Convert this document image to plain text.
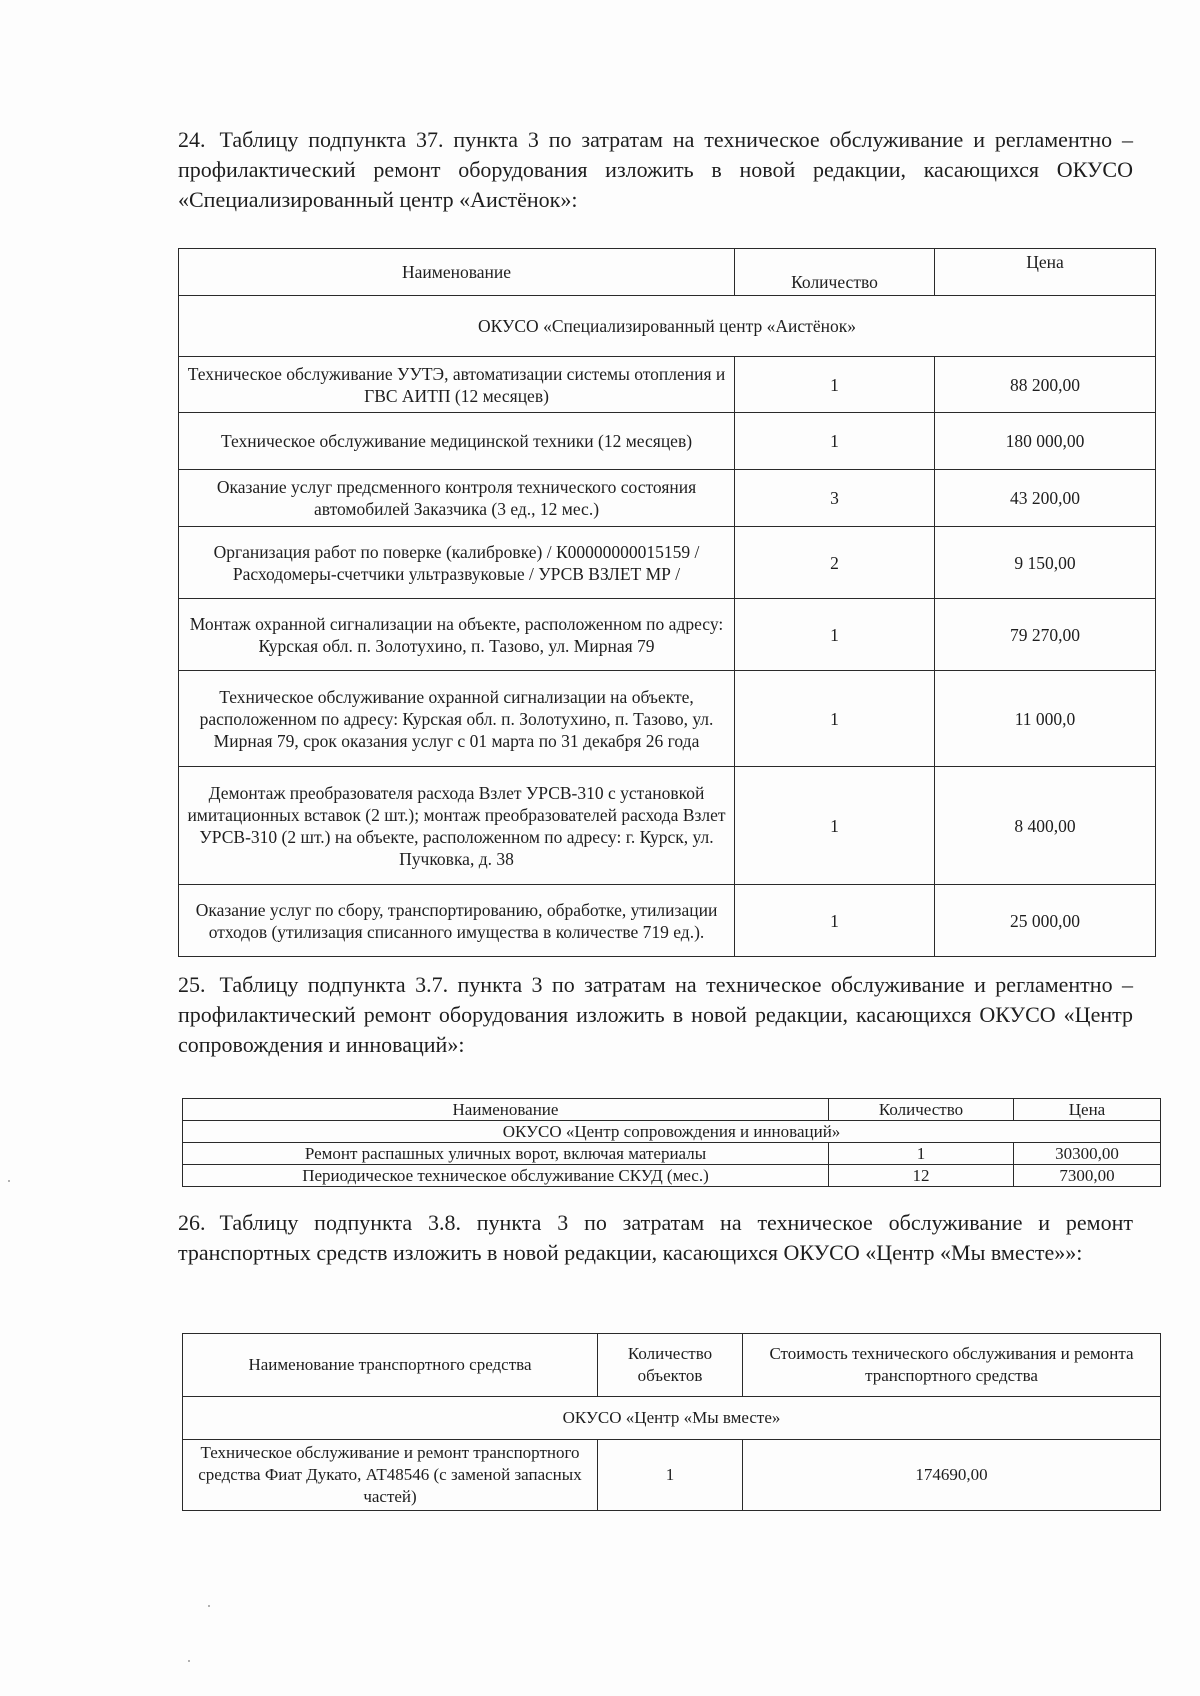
24. Таблицу подпункта 37. пункта 3 по затратам на техническое обслуживание и регламентно – профилактический ремонт оборудования изложить в новой редакции, касающихся ОКУСО «Специализированный центр «Аистёнок»:
Наименование	Количество	Цена
ОКУСО «Специализированный центр «Аистёнок»		
Техническое обслуживание УУТЭ, автоматизации системы отопления и ГВС АИТП (12 месяцев)	1	88 200,00
Техническое обслуживание медицинской техники (12 месяцев)	1	180 000,00
Оказание услуг предсменного контроля технического состояния автомобилей Заказчика (3 ед., 12 мес.)	3	43 200,00
Организация работ по поверке (калибровке) / К00000000015159 / Расходомеры-счетчики ультразвуковые / УРСВ ВЗЛЕТ МР /	2	9 150,00
Монтаж охранной сигнализации на объекте, расположенном по адресу: Курская обл. п. Золотухино, п. Тазово, ул. Мирная 79	1	79 270,00
Техническое обслуживание охранной сигнализации на объекте, расположенном по адресу: Курская обл. п. Золотухино, п. Тазово, ул. Мирная 79, срок оказания услуг с 01 марта по 31 декабря 26 года	1	11 000,0
Демонтаж преобразователя расхода Взлет УРСВ-310 с установкой имитационных вставок (2 шт.); монтаж преобразователей расхода Взлет УРСВ-310 (2 шт.) на объекте, расположенном по адресу: г. Курск, ул. Пучковка, д. 38	1	8 400,00
Оказание услуг по сбору, транспортированию, обработке, утилизации отходов (утилизация списанного имущества в количестве 719 ед.).	1	25 000,00
25. Таблицу подпункта 3.7. пункта 3 по затратам на техническое обслуживание и регламентно – профилактический ремонт оборудования изложить в новой редакции, касающихся ОКУСО «Центр сопровождения и инноваций»:
Наименование	Количество	Цена
ОКУСО «Центр сопровождения и инноваций»		
Ремонт распашных уличных ворот, включая материалы	1	30300,00
Периодическое техническое обслуживание СКУД (мес.)	12	7300,00
26. Таблицу подпункта 3.8. пункта 3 по затратам на техническое обслуживание и ремонт транспортных средств изложить в новой редакции, касающихся ОКУСО «Центр «Мы вместе»»:
Наименование транспортного средства	Количество объектов	Стоимость технического обслуживания и ремонта транспортного средства
ОКУСО «Центр «Мы вместе»		
Техническое обслуживание и ремонт транспортного средства Фиат Дукато, АТ48546 (с заменой запасных частей)	1	174690,00
